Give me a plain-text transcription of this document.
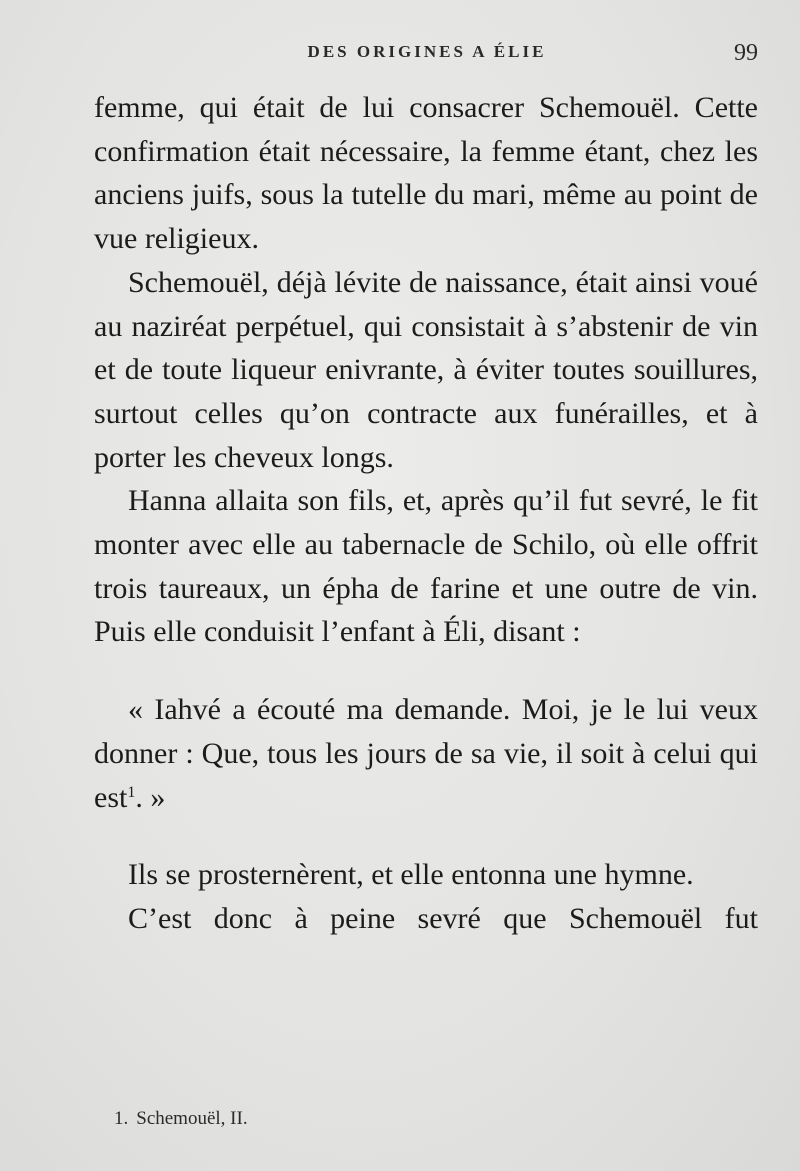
DES ORIGINES A ÉLIE	99

femme, qui était de lui consacrer Schemouël. Cette confirmation était nécessaire, la femme étant, chez les anciens juifs, sous la tutelle du mari, même au point de vue religieux.

Schemouël, déjà lévite de naissance, était ainsi voué au naziréat perpétuel, qui consistait à s’abstenir de vin et de toute liqueur enivrante, à éviter toutes souillures, surtout celles qu’on contracte aux funérailles, et à porter les cheveux longs.

Hanna allaita son fils, et, après qu’il fut sevré, le fit monter avec elle au tabernacle de Schilo, où elle offrit trois taureaux, un épha de farine et une outre de vin. Puis elle conduisit l’enfant à Éli, disant :

« Iahvé a écouté ma demande. Moi, je le lui veux donner : Que, tous les jours de sa vie, il soit à celui qui est$^1$. »

Ils se prosternèrent, et elle entonna une hymne.

C’est donc à peine sevré que Schemouël fut

1. Schemouël, II.
